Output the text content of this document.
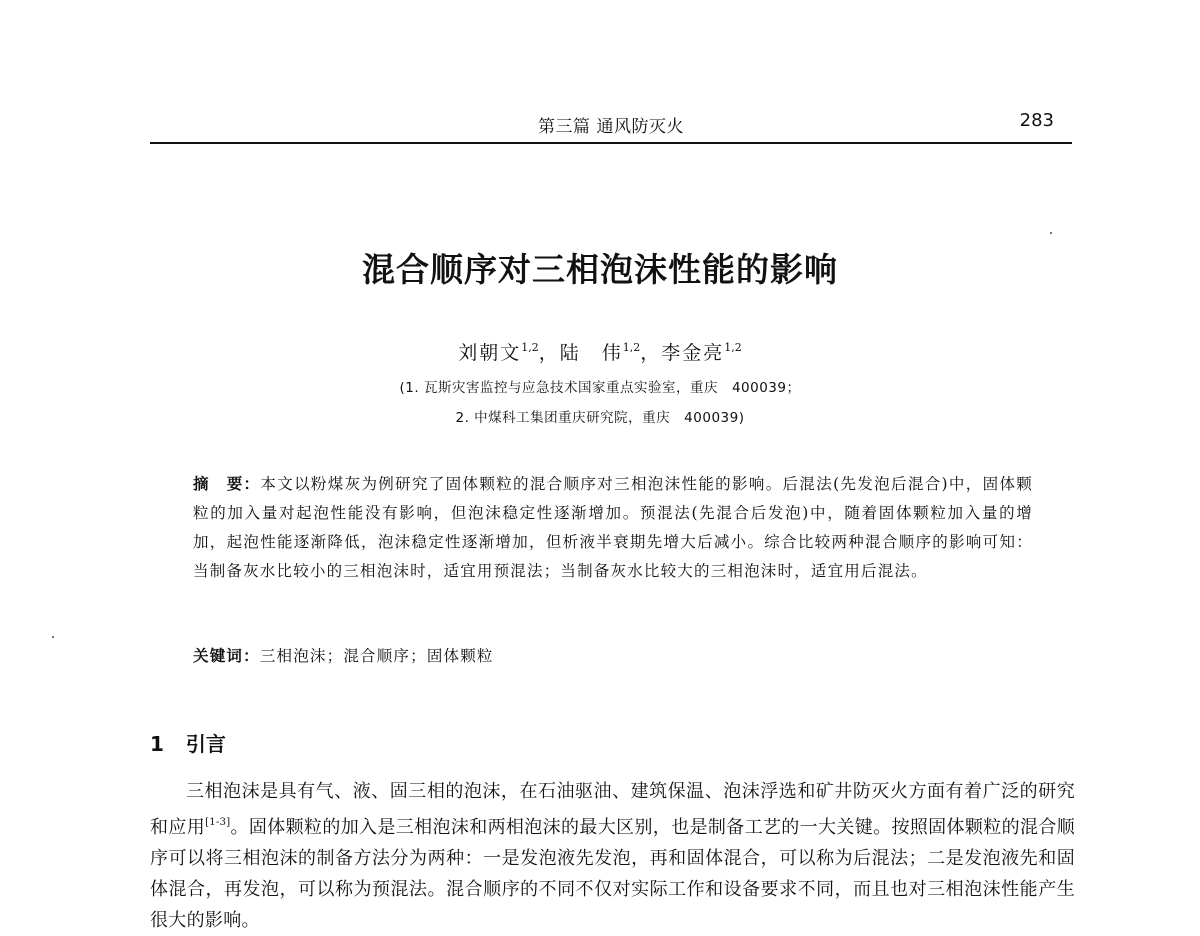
第三篇 通风防灭火	283
混合顺序对三相泡沫性能的影响
刘朝文$^{1,2}$，陆　伟$^{1,2}$，李金亮$^{1,2}$
(1. 瓦斯灾害监控与应急技术国家重点实验室，重庆　400039；
2. 中煤科工集团重庆研究院，重庆　400039)
摘　要：本文以粉煤灰为例研究了固体颗粒的混合顺序对三相泡沫性能的影响。后混法(先发泡后混合)中，固体颗粒的加入量对起泡性能没有影响，但泡沫稳定性逐渐增加。预混法(先混合后发泡)中，随着固体颗粒加入量的增加，起泡性能逐渐降低，泡沫稳定性逐渐增加，但析液半衰期先增大后减小。综合比较两种混合顺序的影响可知：当制备灰水比较小的三相泡沫时，适宜用预混法；当制备灰水比较大的三相泡沫时，适宜用后混法。
关键词：三相泡沫；混合顺序；固体颗粒
1 引言
三相泡沫是具有气、液、固三相的泡沫，在石油驱油、建筑保温、泡沫浮选和矿井防灭火方面有着广泛的研究和应用[1-3]。固体颗粒的加入是三相泡沫和两相泡沫的最大区别，也是制备工艺的一大关键。按照固体颗粒的混合顺序可以将三相泡沫的制备方法分为两种：一是发泡液先发泡，再和固体混合，可以称为后混法；二是发泡液先和固体混合，再发泡，可以称为预混法。混合顺序的不同不仅对实际工作和设备要求不同，而且也对三相泡沫性能产生很大的影响。
